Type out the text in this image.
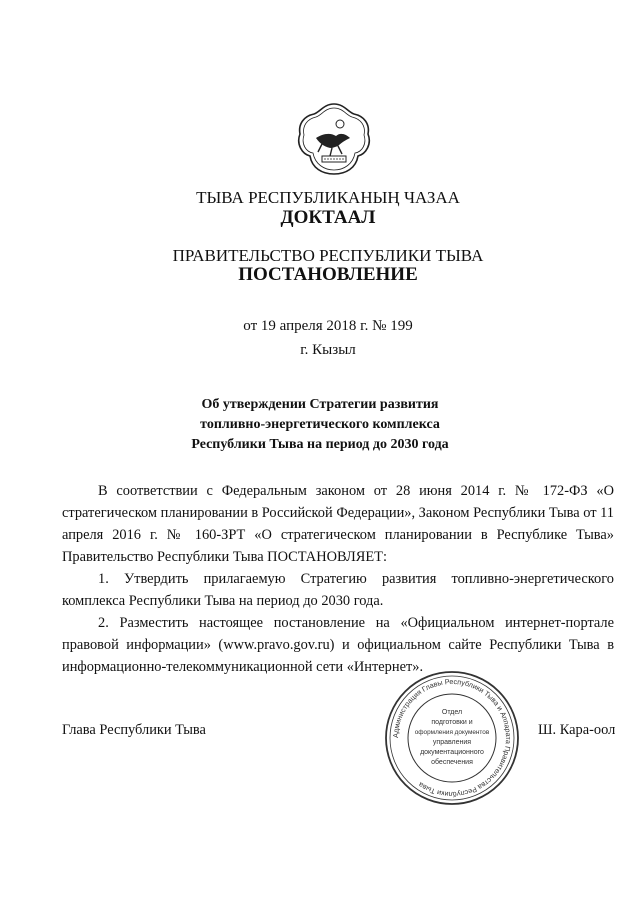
ТЫВА РЕСПУБЛИКАНЫҢ ЧАЗАА
ДОКТААЛ
ПРАВИТЕЛЬСТВО РЕСПУБЛИКИ ТЫВА
ПОСТАНОВЛЕНИЕ
от 19 апреля 2018 г. № 199
г. Кызыл
Об утверждении Стратегии развития
топливно-энергетического комплекса
Республики Тыва на период до 2030 года

В соответствии с Федеральным законом от 28 июня 2014 г. № 172-ФЗ «О стратегическом планировании в Российской Федерации», Законом Республики Тыва от 11 апреля 2016 г. № 160-ЗРТ «О стратегическом планировании в Республике Тыва» Правительство Республики Тыва ПОСТАНОВЛЯЕТ:

1. Утвердить прилагаемую Стратегию развития топливно-энергетического комплекса Республики Тыва на период до 2030 года.

2. Разместить настоящее постановление на «Официальном интернет-портале правовой информации» (www.pravo.gov.ru) и официальном сайте Республики Тыва в информационно-телекоммуникационной сети «Интернет».

Глава Республики Тыва	Администрация Главы Республики Тыва и Аппарата Правительства Республики Тыва
Отдел
подготовки и
оформления документов
управления
документационного
обеспечения
Ш. Кара-оол
